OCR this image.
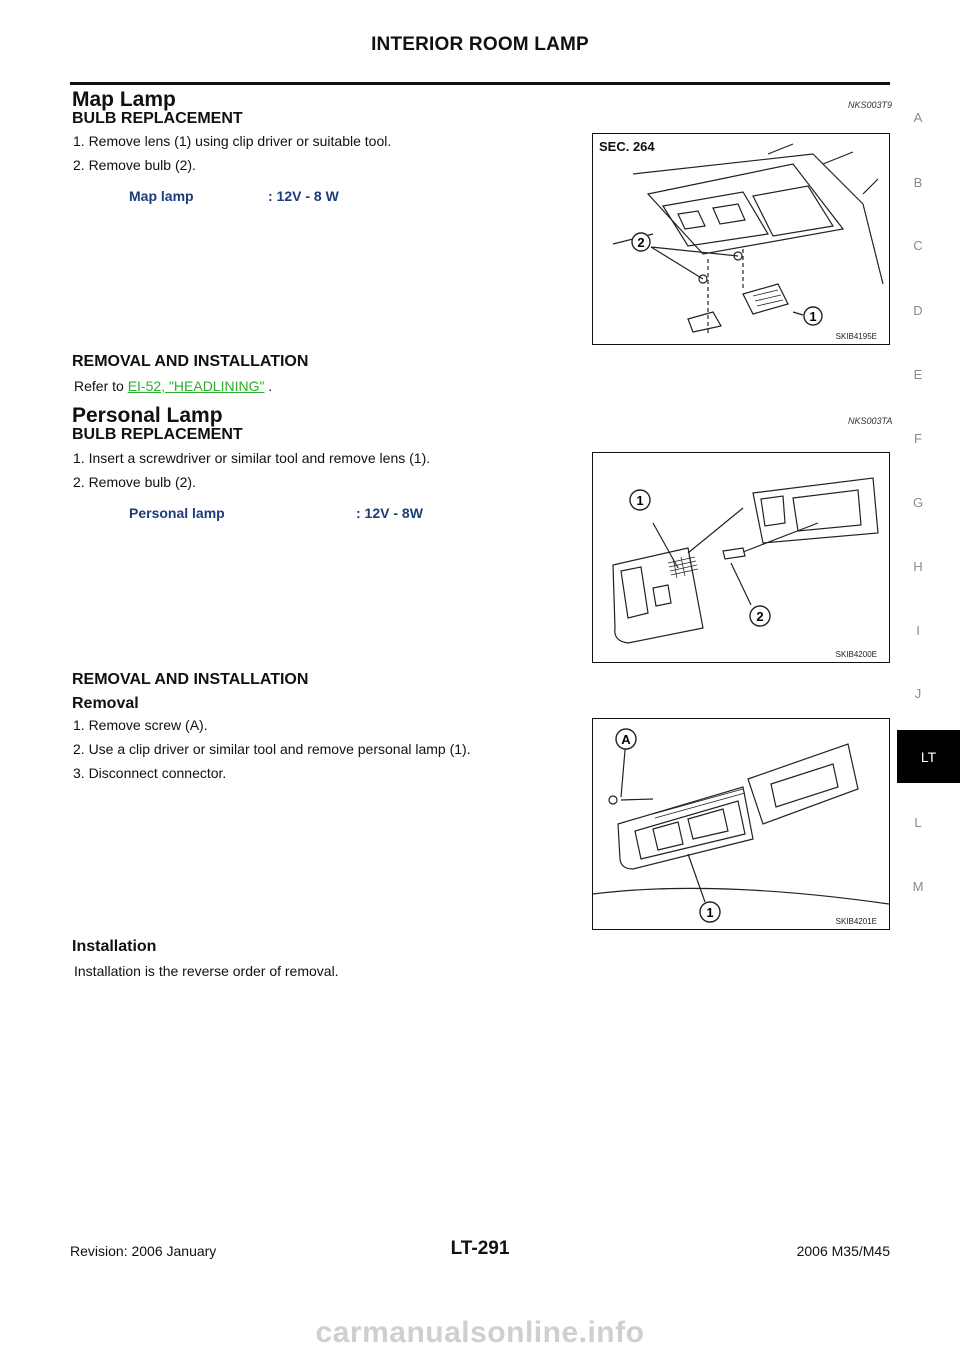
INTERIOR ROOM LAMP
A
B
C
D
E
F
G
H
I
J
LT
L
M
Map Lamp	NKS003T9
BULB REPLACEMENT
1. Remove lens (1) using clip driver or suitable tool.
2. Remove bulb (2).
Map lamp	: 12V - 8 W
SEC. 264
2
1
SKIB4195E
REMOVAL AND INSTALLATION
Refer to EI-52, "HEADLINING" .
Personal Lamp	NKS003TA
BULB REPLACEMENT
1. Insert a screwdriver or similar tool and remove lens (1).
2. Remove bulb (2).
Personal lamp	: 12V - 8W
1
2
SKIB4200E
REMOVAL AND INSTALLATION
Removal
1. Remove screw (A).
2. Use a clip driver or similar tool and remove personal lamp (1).
3. Disconnect connector.
A
1
SKIB4201E
Installation
Installation is the reverse order of removal.
Revision: 2006 January	LT-291	2006 M35/M45
carmanualsonline.info
